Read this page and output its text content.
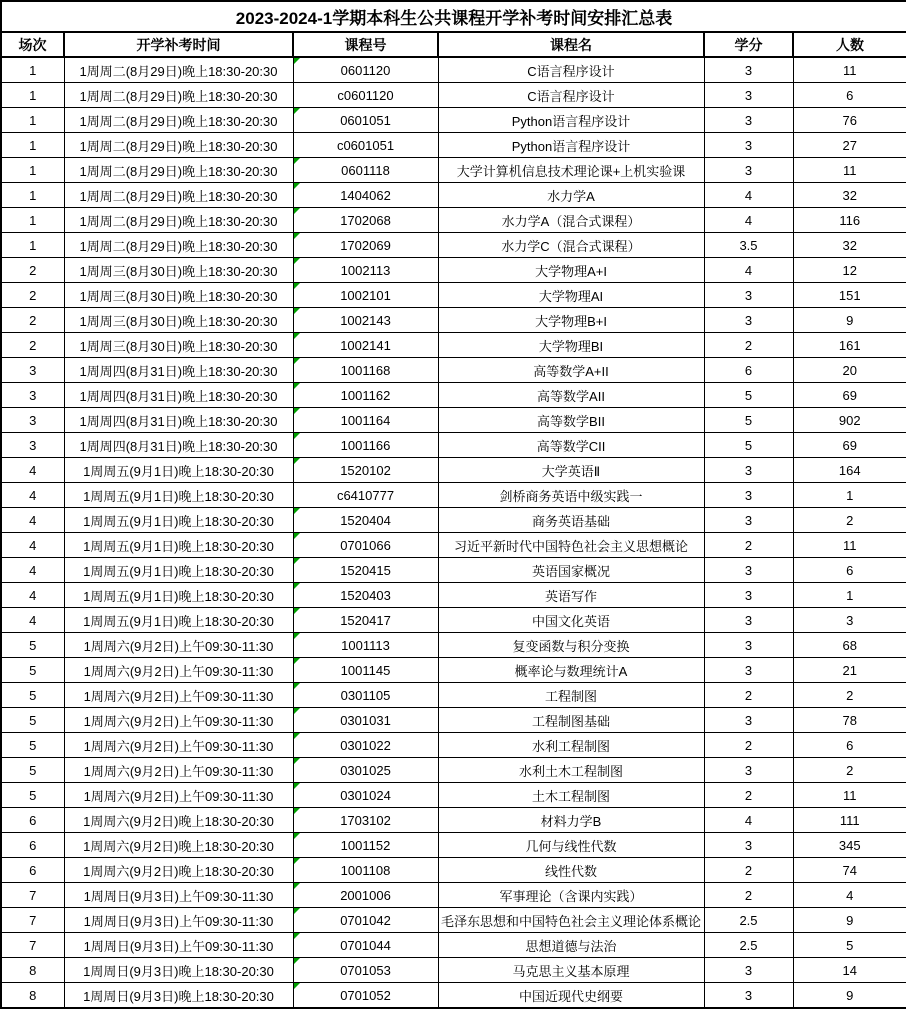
2023-2024-1学期本科生公共课程开学补考时间安排汇总表					
场次	开学补考时间	课程号	课程名	学分	人数
1	1周周二(8月29日)晚上18:30-20:30	0601120	C语言程序设计	3	11
1	1周周二(8月29日)晚上18:30-20:30	c0601120	C语言程序设计	3	6
1	1周周二(8月29日)晚上18:30-20:30	0601051	Python语言程序设计	3	76
1	1周周二(8月29日)晚上18:30-20:30	c0601051	Python语言程序设计	3	27
1	1周周二(8月29日)晚上18:30-20:30	0601118	大学计算机信息技术理论课+上机实验课	3	11
1	1周周二(8月29日)晚上18:30-20:30	1404062	水力学A	4	32
1	1周周二(8月29日)晚上18:30-20:30	1702068	水力学A（混合式课程）	4	116
1	1周周二(8月29日)晚上18:30-20:30	1702069	水力学C（混合式课程）	3.5	32
2	1周周三(8月30日)晚上18:30-20:30	1002113	大学物理A+I	4	12
2	1周周三(8月30日)晚上18:30-20:30	1002101	大学物理AI	3	151
2	1周周三(8月30日)晚上18:30-20:30	1002143	大学物理B+I	3	9
2	1周周三(8月30日)晚上18:30-20:30	1002141	大学物理BI	2	161
3	1周周四(8月31日)晚上18:30-20:30	1001168	高等数学A+II	6	20
3	1周周四(8月31日)晚上18:30-20:30	1001162	高等数学AII	5	69
3	1周周四(8月31日)晚上18:30-20:30	1001164	高等数学BII	5	902
3	1周周四(8月31日)晚上18:30-20:30	1001166	高等数学CII	5	69
4	1周周五(9月1日)晚上18:30-20:30	1520102	大学英语Ⅱ	3	164
4	1周周五(9月1日)晚上18:30-20:30	c6410777	剑桥商务英语中级实践一	3	1
4	1周周五(9月1日)晚上18:30-20:30	1520404	商务英语基础	3	2
4	1周周五(9月1日)晚上18:30-20:30	0701066	习近平新时代中国特色社会主义思想概论	2	11
4	1周周五(9月1日)晚上18:30-20:30	1520415	英语国家概况	3	6
4	1周周五(9月1日)晚上18:30-20:30	1520403	英语写作	3	1
4	1周周五(9月1日)晚上18:30-20:30	1520417	中国文化英语	3	3
5	1周周六(9月2日)上午09:30-11:30	1001113	复变函数与积分变换	3	68
5	1周周六(9月2日)上午09:30-11:30	1001145	概率论与数理统计A	3	21
5	1周周六(9月2日)上午09:30-11:30	0301105	工程制图	2	2
5	1周周六(9月2日)上午09:30-11:30	0301031	工程制图基础	3	78
5	1周周六(9月2日)上午09:30-11:30	0301022	水利工程制图	2	6
5	1周周六(9月2日)上午09:30-11:30	0301025	水利土木工程制图	3	2
5	1周周六(9月2日)上午09:30-11:30	0301024	土木工程制图	2	11
6	1周周六(9月2日)晚上18:30-20:30	1703102	材料力学B	4	111
6	1周周六(9月2日)晚上18:30-20:30	1001152	几何与线性代数	3	345
6	1周周六(9月2日)晚上18:30-20:30	1001108	线性代数	2	74
7	1周周日(9月3日)上午09:30-11:30	2001006	军事理论（含课内实践）	2	4
7	1周周日(9月3日)上午09:30-11:30	0701042	毛泽东思想和中国特色社会主义理论体系概论	2.5	9
7	1周周日(9月3日)上午09:30-11:30	0701044	思想道德与法治	2.5	5
8	1周周日(9月3日)晚上18:30-20:30	0701053	马克思主义基本原理	3	14
8	1周周日(9月3日)晚上18:30-20:30	0701052	中国近现代史纲要	3	9
